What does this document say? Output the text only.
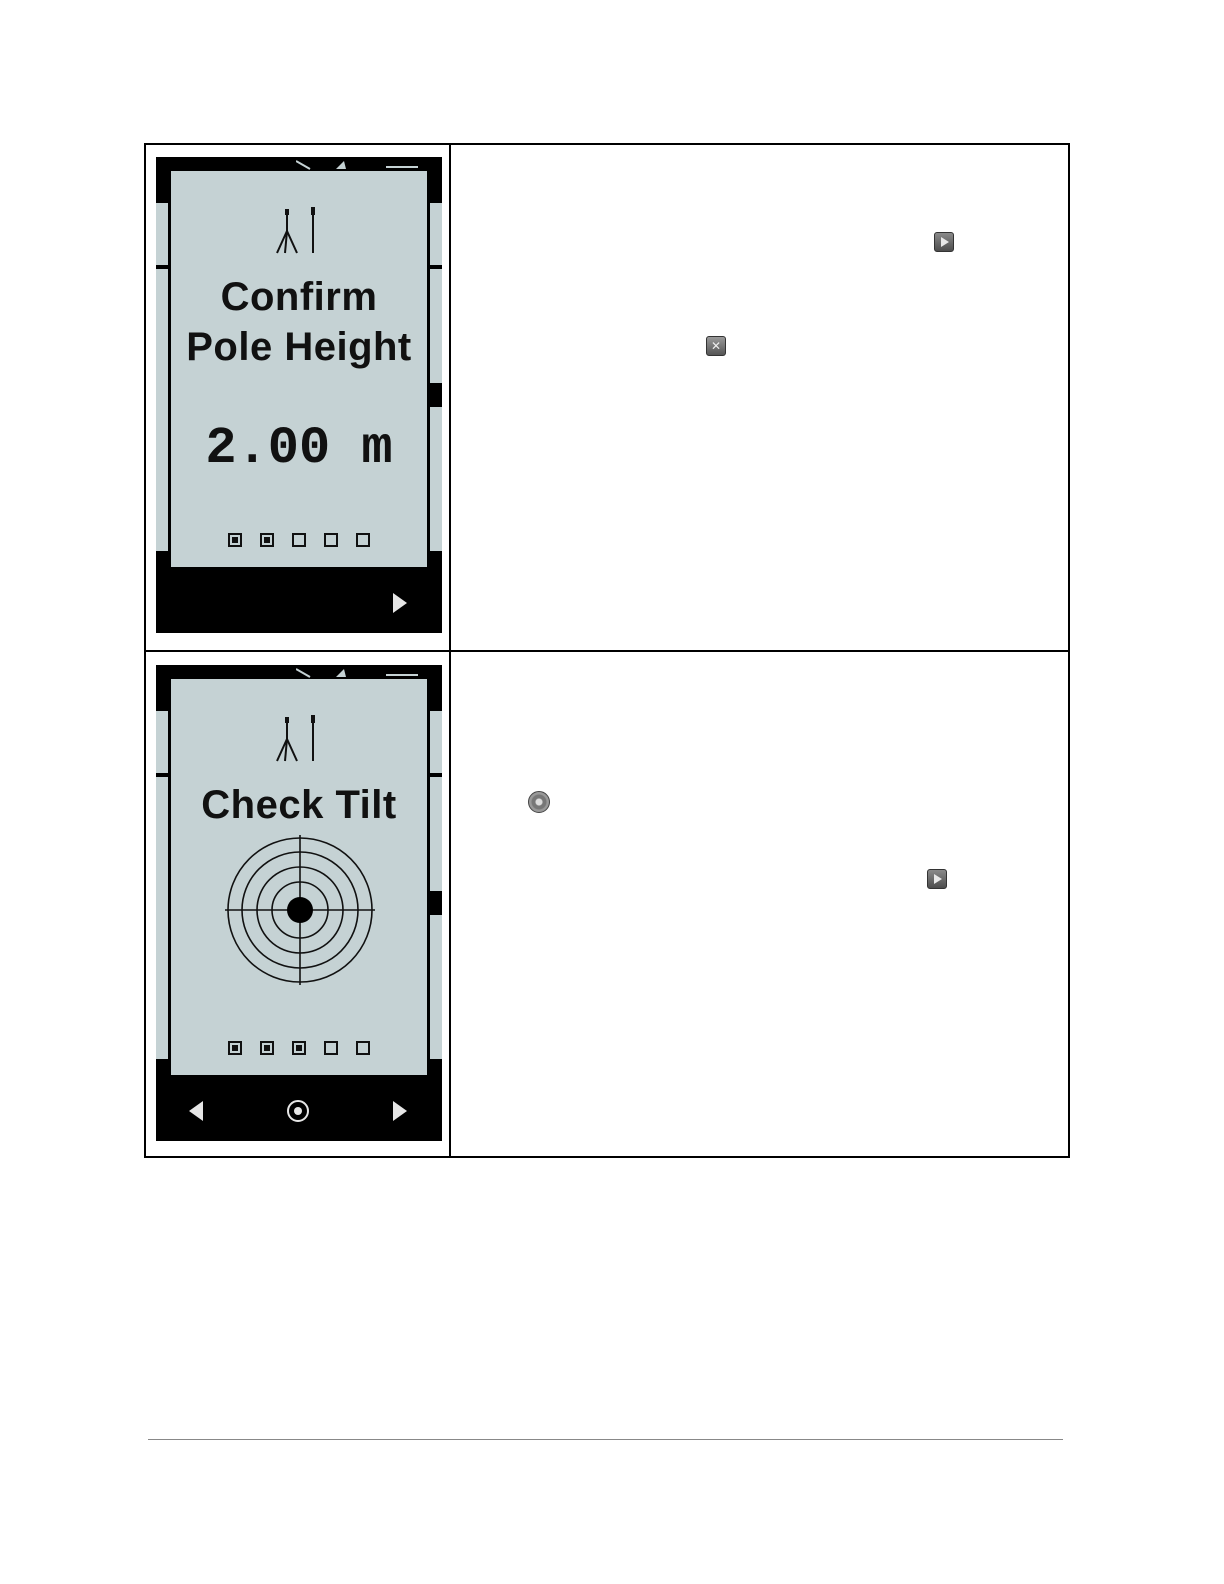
Confirm
Pole Height
2.00 m
✕
Check Tilt
